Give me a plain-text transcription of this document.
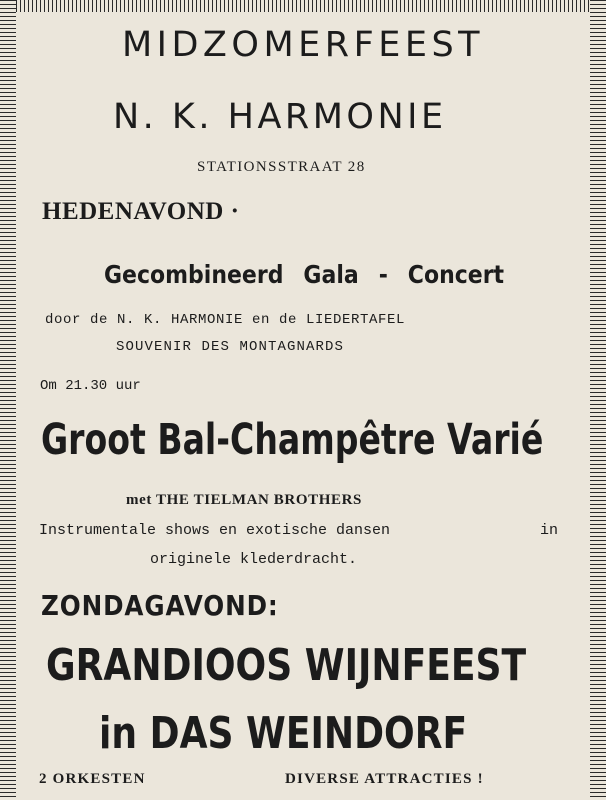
MIDZOMERFEEST
N. K. HARMONIE
STATIONSSTRAAT 28
HEDENAVOND ·
Gecombineerd Gala - Concert
door de N. K. HARMONIE en de LIEDERTAFEL
SOUVENIR DES MONTAGNARDS
Om 21.30 uur
Groot Bal-Champêtre Varié
met THE TIELMAN BROTHERS
Instrumentale shows en exotische dansen	in
originele klederdracht.
ZONDAGAVOND:
GRANDIOOS WIJNFEEST
in DAS WEINDORF
2 ORKESTEN	DIVERSE ATTRACTIES !
